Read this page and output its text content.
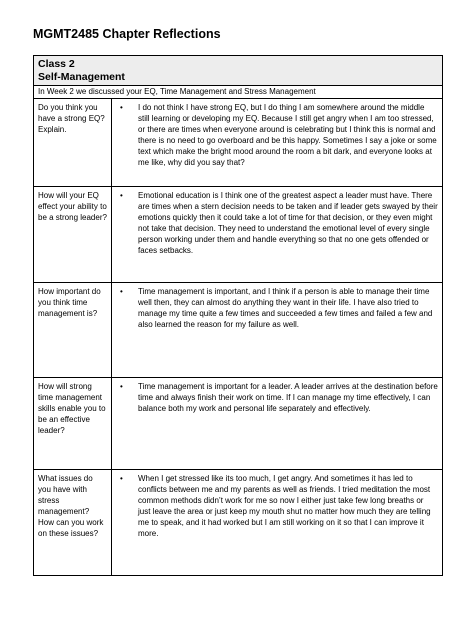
MGMT2485 Chapter Reflections
Class 2
Self-Management
In Week 2 we discussed your EQ, Time Management and Stress Management
Do you think you have a strong EQ? Explain.
•	I do not think I have strong EQ, but I do thing I am somewhere around the middle still learning or developing my EQ. Because I still get angry when I am too stressed, or there are times when everyone around is celebrating but I think this is normal and there is no need to go overboard and be this happy. Sometimes I say a joke or some text which make the bright mood around the room a bit dark, and everyone looks at me like, why did you say that?
How will your EQ effect your ability to be a strong leader?
•	Emotional education is I think one of the greatest aspect a leader must have. There are times when a stern decision needs to be taken and if leader gets swayed by their emotions quickly then it could take a lot of time for that decision, or they even might not take that decision. They need to understand the emotional level of every single person working under them and handle everything so that no one gets offended or faces setbacks.
How important do you think time management is?
•	Time management is important, and I think if a person is able to manage their time well then, they can almost do anything they want in their life. I have also tried to manage my time quite a few times and succeeded a few times and failed a few and also learned the reason for my failure as well.
How will strong time management skills enable you to be an effective leader?
•	Time management is important for a leader. A leader arrives at the destination before time and always finish their work on time. If I can manage my time effectively, I can balance both my work and personal life separately and effectively.
What issues do you have with stress management? How can you work on these issues?
•	When I get stressed like its too much, I get angry. And sometimes it has led to conflicts between me and my parents as well as friends. I tried meditation the most common methods didn’t work for me so now I either just take few long breaths or just leave the area or just keep my mouth shut no matter how much they are telling me to speak, and it had worked but I am still working on it so that I can improve it more.
